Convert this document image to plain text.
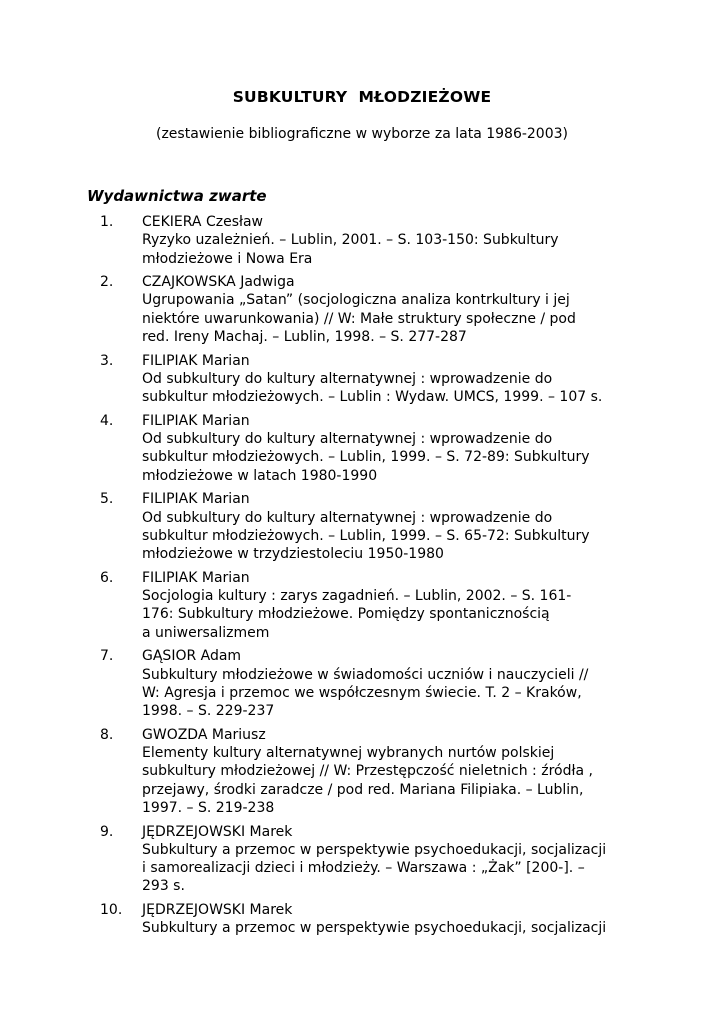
SUBKULTURY  MŁODZIEŻOWE
(zestawienie bibliograficzne w wyborze za lata 1986-2003)
Wydawnictwa zwarte
1. CEKIERA Czesław
Ryzyko uzależnień. – Lublin, 2001. – S. 103-150: Subkultury
młodzieżowe i Nowa Era
2. CZAJKOWSKA Jadwiga
Ugrupowania „Satan” (socjologiczna analiza kontrkultury i jej
niektóre uwarunkowania) // W: Małe struktury społeczne / pod
red. Ireny Machaj. – Lublin, 1998. – S. 277-287
3. FILIPIAK Marian
Od subkultury do kultury alternatywnej : wprowadzenie do
subkultur młodzieżowych. – Lublin : Wydaw. UMCS, 1999. – 107 s.
4. FILIPIAK Marian
Od subkultury do kultury alternatywnej : wprowadzenie do
subkultur młodzieżowych. – Lublin, 1999. – S. 72-89: Subkultury
młodzieżowe w latach 1980-1990
5. FILIPIAK Marian
Od subkultury do kultury alternatywnej : wprowadzenie do
subkultur młodzieżowych. – Lublin, 1999. – S. 65-72: Subkultury
młodzieżowe w trzydziestoleciu 1950-1980
6. FILIPIAK Marian
Socjologia kultury : zarys zagadnień. – Lublin, 2002. – S. 161-
176: Subkultury młodzieżowe. Pomiędzy spontanicznością
a uniwersalizmem
7. GĄSIOR Adam
Subkultury młodzieżowe w świadomości uczniów i nauczycieli //
W: Agresja i przemoc we współczesnym świecie. T. 2 – Kraków,
1998. – S. 229-237
8. GWOZDA Mariusz
Elementy kultury alternatywnej wybranych nurtów polskiej
subkultury młodzieżowej // W: Przestępczość nieletnich : źródła ,
przejawy, środki zaradcze / pod red. Mariana Filipiaka. – Lublin,
1997. – S. 219-238
9. JĘDRZEJOWSKI Marek
Subkultury a przemoc w perspektywie psychoedukacji, socjalizacji
i samorealizacji dzieci i młodzieży. – Warszawa : „Żak” [200-]. –
293 s.
10. JĘDRZEJOWSKI Marek
Subkultury a przemoc w perspektywie psychoedukacji, socjalizacji
